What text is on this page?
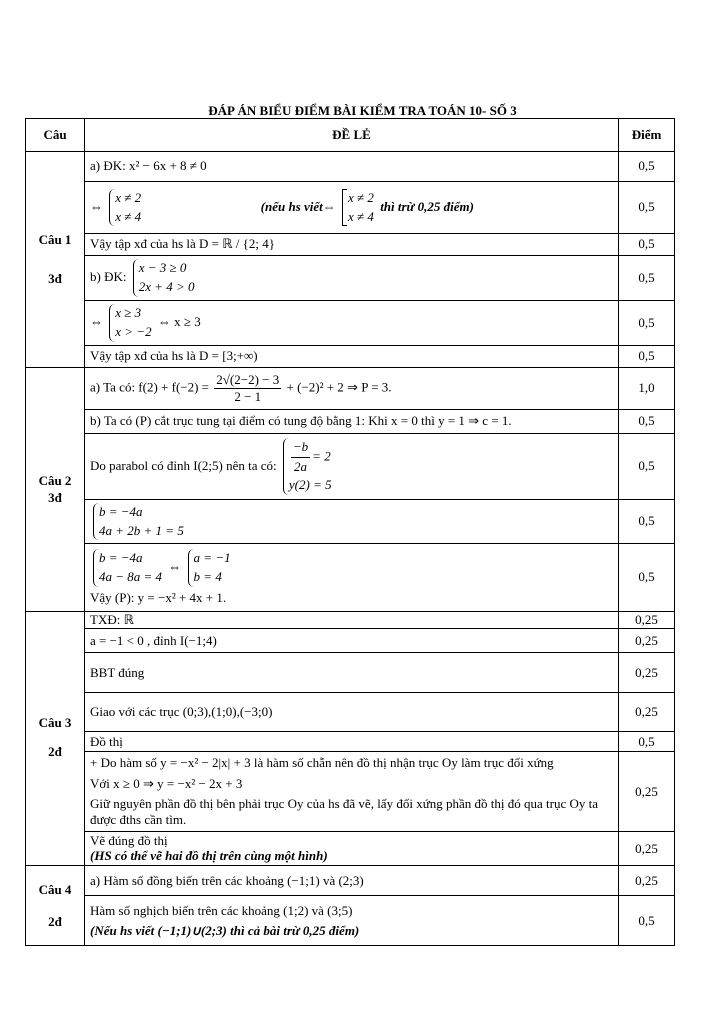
ĐÁP ÁN BIỂU ĐIỂM BÀI KIỂM TRA TOÁN 10- SỐ 3
Câu	ĐỀ LẺ	Điểm
Câu 1
3đ	a) ĐK: x² − 6x + 8 ≠ 0	0,5
	⇔ x ≠ 2
x ≠ 4  (nếu hs viết⇔ x ≠ 2
x ≠ 4 thì trừ 0,25 điểm)	0,5
	Vậy tập xđ của hs là D = ℝ / {2; 4}	0,5
	b) ĐK: x − 3 ≥ 0
2x + 4 > 0	0,5
	⇔ x ≥ 3
x > −2 ⇔ x ≥ 3	0,5
	Vậy tập xđ của hs là D = [3;+∞)	0,5
Câu 2
3đ	a) Ta có: $f(2) + f(-2) = \frac{2√(2-2) - 3}{2 - 1} + (-2)^2 + 2$ ⇒ P = 3.	1,0
	b) Ta có (P) cắt trục tung tại điểm có tung độ bằng 1: Khi x = 0 thì y = 1 ⇒ c = 1.	0,5
	Do parabol có đỉnh I(2;5) nên ta có: $\frac{-b}{2a} = 2$
y(2) = 5	0,5
	b = −4a
4a + 2b + 1 = 5	0,5
	b = −4a
4a − 8a = 4 ⇔ a = −1
b = 4
Vậy (P): y = −x² + 4x + 1.	0,5
Câu 3
2đ	TXĐ: ℝ	0,25
	a = −1 < 0 , đỉnh I(−1;4)	0,25
	BBT đúng	0,25
	Giao với các trục (0;3),(1;0),(−3;0)	0,25
	Đồ thị	0,5

	+ Do hàm số y = −x² − 2|x| + 3 là hàm số chẵn nên đồ thị nhận trục Oy làm trục đối xứng
Với x ≥ 0 ⇒ y = −x² − 2x + 3
Giữ nguyên phần đồ thị bên phải trục Oy của hs đã vẽ, lấy đối xứng phần đồ thị đó qua trục Oy ta được đths cần tìm.	0,25

	Vẽ đúng đồ thị
(HS có thể vẽ hai đồ thị trên cùng một hình)	0,25
Câu 4
2đ	a) Hàm số đồng biến trên các khoảng (−1;1) và (2;3)	0,25

	Hàm số nghịch biến trên các khoảng (1;2) và (3;5)
(Nếu hs viết (−1;1)∪(2;3) thì cả bài trừ 0,25 điểm)	0,5
